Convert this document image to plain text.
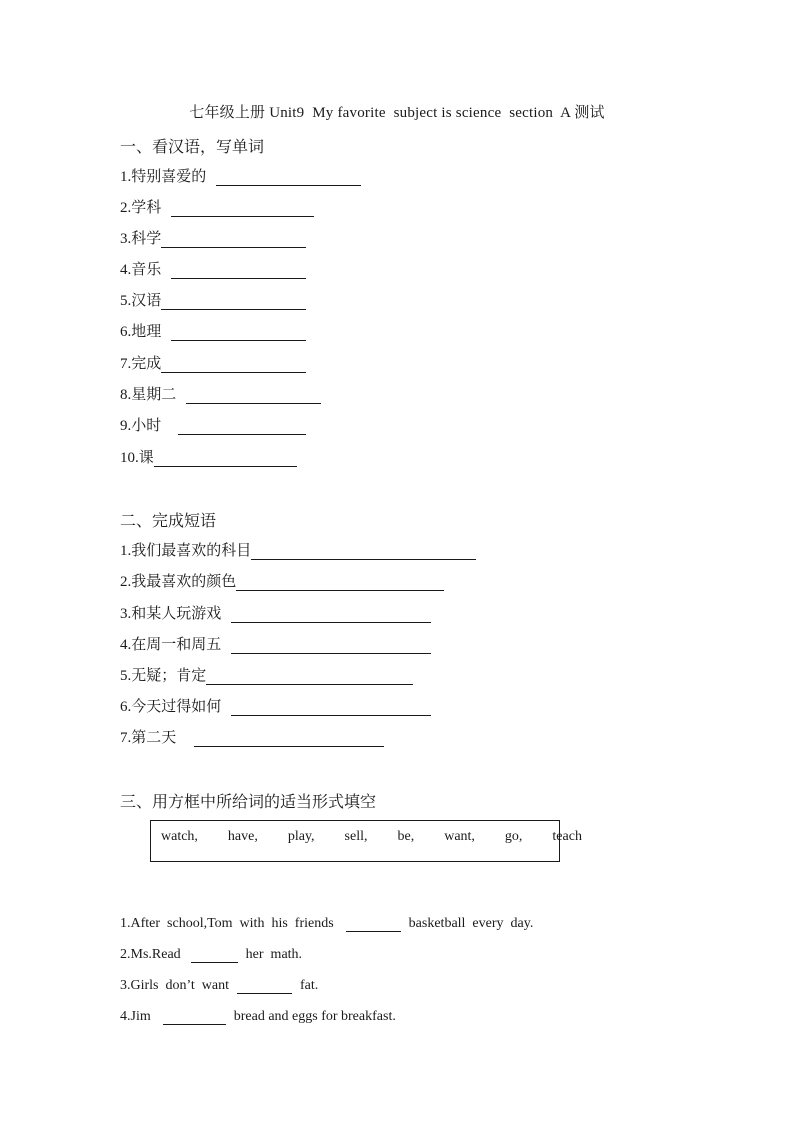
七年级上册 Unit9  My favorite  subject is science  section  A 测试
一、看汉语，写单词
1.特别喜爱的
2.学科
3.科学
4.音乐
5.汉语
6.地理
7.完成
8.星期二
9.小时
10.课
二、完成短语
1.我们最喜欢的科目
2.我最喜欢的颜色
3.和某人玩游戏
4.在周一和周五
5.无疑；肯定
6.今天过得如何
7.第二天
三、用方框中所给词的适当形式填空
watch,    have,    play,    sell,    be,    want,    go,    teach
1.After  school,Tom  with  his  friends	basketball  every  day.
2.Ms.Read	her  math.
3.Girls  don’t  want	fat.
4.Jim	bread and eggs for breakfast.
